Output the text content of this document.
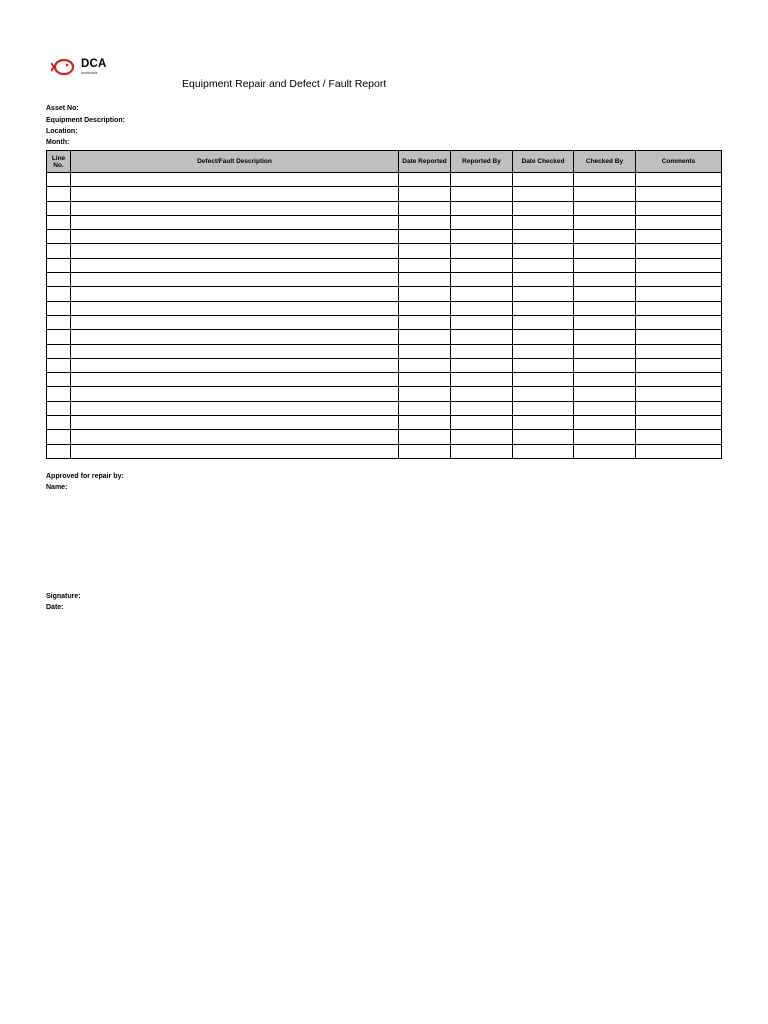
DCA
worldclass
Equipment Repair and Defect / Fault Report
Asset No:
Equipment Description:
Location:
Month:
Line No.	Defect/Fault Description	Date Reported	Reported By	Date Checked	Checked By	Comments

Approved for repair by:
Name:
Signature:
Date:
